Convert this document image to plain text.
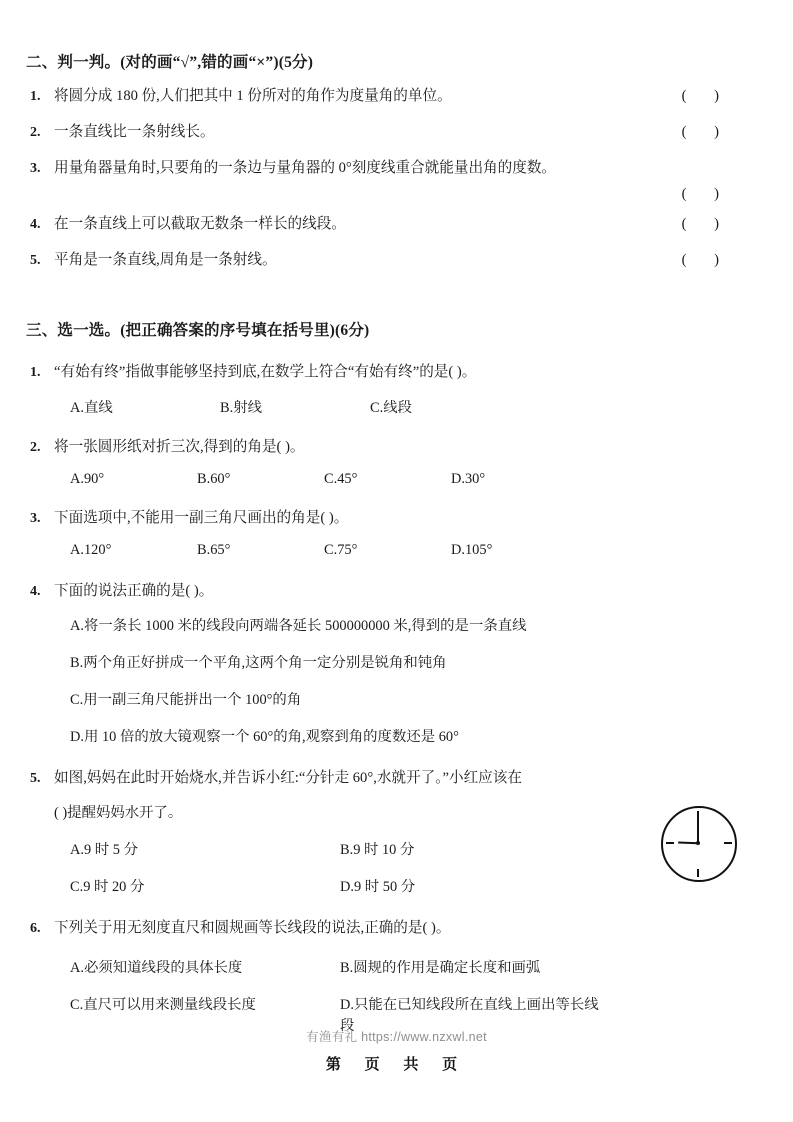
二、判一判。(对的画“√”,错的画“×”)(5分)
1. 将圆分成 180 份,人们把其中 1 份所对的角作为度量角的单位。	( )
2. 一条直线比一条射线长。	( )
3. 用量角器量角时,只要角的一条边与量角器的 0°刻度线重合就能量出角的度数。
( )
4. 在一条直线上可以截取无数条一样长的线段。	( )
5. 平角是一条直线,周角是一条射线。	( )
三、选一选。(把正确答案的序号填在括号里)(6分)
1. “有始有终”指做事能够坚持到底,在数学上符合“有始有终”的是( )。
A.直线	B.射线	C.线段
2. 将一张圆形纸对折三次,得到的角是( )。
A.90°	B.60°	C.45°	D.30°
3. 下面选项中,不能用一副三角尺画出的角是( )。
A.120°	B.65°	C.75°	D.105°
4. 下面的说法正确的是( )。
A.将一条长 1000 米的线段向两端各延长 500000000 米,得到的是一条直线
B.两个角正好拼成一个平角,这两个角一定分别是锐角和钝角
C.用一副三角尺能拼出一个 100°的角
D.用 10 倍的放大镜观察一个 60°的角,观察到角的度数还是 60°
5. 如图,妈妈在此时开始烧水,并告诉小红:“分针走 60°,水就开了。”小红应该在
( )提醒妈妈水开了。
A.9 时 5 分	B.9 时 10 分
C.9 时 20 分	D.9 时 50 分
6. 下列关于用无刻度直尺和圆规画等长线段的说法,正确的是( )。
A.必须知道线段的具体长度	B.圆规的作用是确定长度和画弧
C.直尺可以用来测量线段长度	D.只能在已知线段所在直线上画出等长线段
有渔有礼 https://www.nzxwl.net
第 页 共 页
